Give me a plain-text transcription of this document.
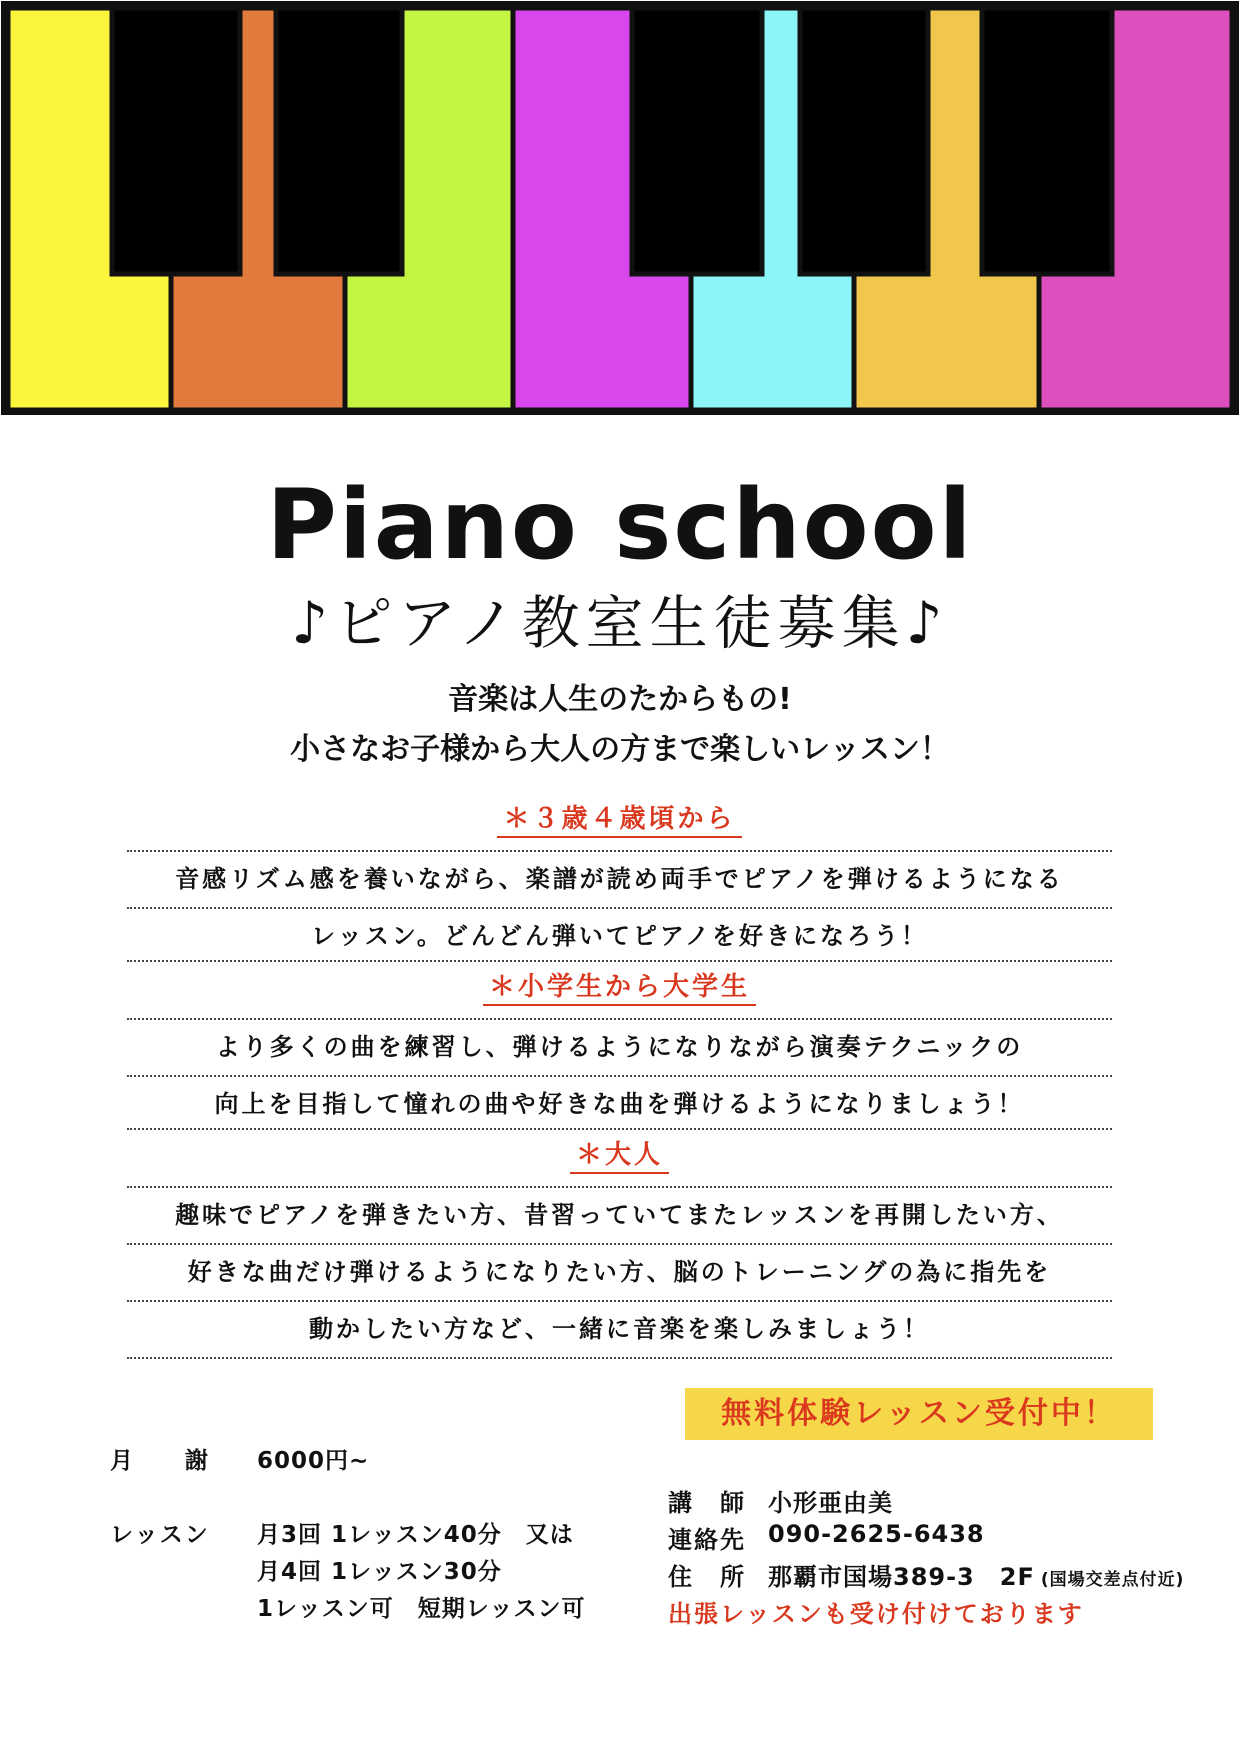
Piano school
♪ピアノ教室生徒募集♪
音楽は人生のたからもの!
小さなお子様から大人の方まで楽しいレッスン！
＊３歳４歳頃から
音感リズム感を養いながら、楽譜が読め両手でピアノを弾けるようになる
レッスン。どんどん弾いてピアノを好きになろう！
＊小学生から大学生
より多くの曲を練習し、弾けるようになりながら演奏テクニックの
向上を目指して憧れの曲や好きな曲を弾けるようになりましょう！
＊大人
趣味でピアノを弾きたい方、昔習っていてまたレッスンを再開したい方、
好きな曲だけ弾けるようになりたい方、脳のトレーニングの為に指先を
動かしたい方など、一緒に音楽を楽しみましょう！
無料体験レッスン受付中！
月　　謝 6000円~
レッスン 月3回 1レッスン40分　又は
月4回 1レッスン30分
1レッスン可　短期レッスン可
講　師 小形亜由美
連絡先 090-2625-6438
住　所 那覇市国場389-3　2F (国場交差点付近)
出張レッスンも受け付けております
